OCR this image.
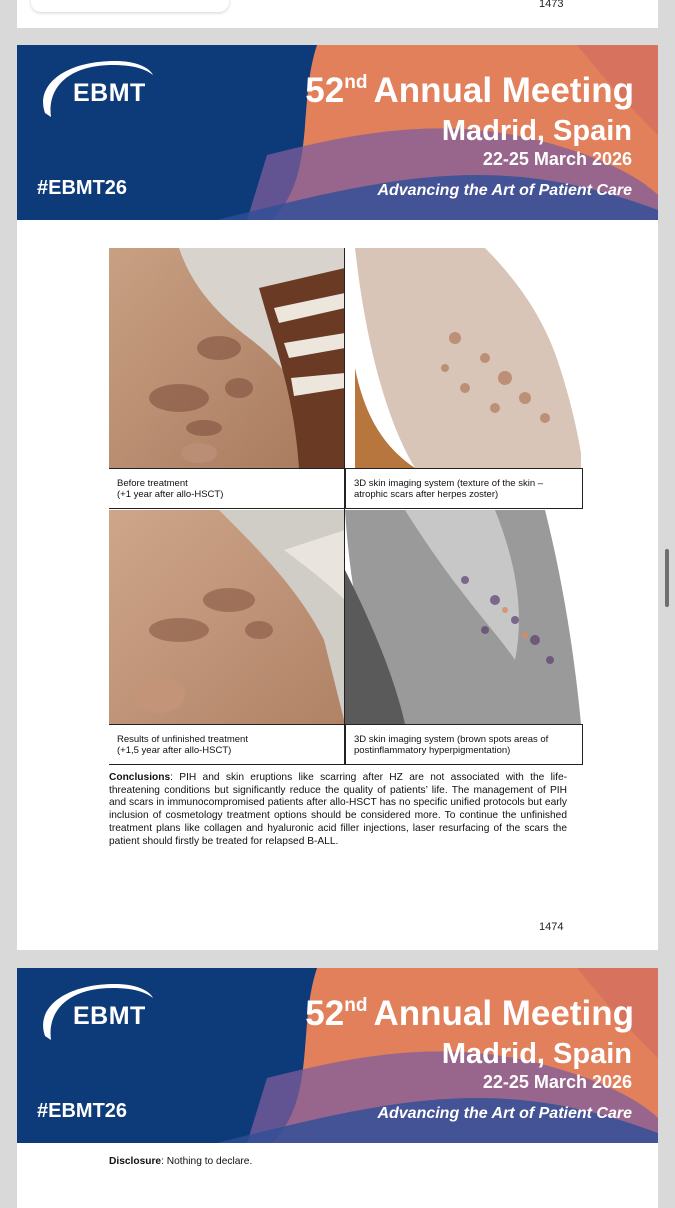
1473
EBMT
#EBMT26
52nd Annual Meeting
Madrid, Spain
22-25 March 2026
Advancing the Art of Patient Care
Before treatment
(+1 year after allo-HSCT)
3D skin imaging system (texture of the skin –
atrophic scars after herpes zoster)
Results of unfinished treatment
(+1,5 year after allo-HSCT)
3D skin imaging system (brown spots areas of
postinflammatory hyperpigmentation)

Conclusions: PIH and skin eruptions like scarring after HZ are not associated with the life-threatening conditions but significantly reduce the quality of patients’ life. The management of PIH and scars in immunocompromised patients after allo-HSCT has no specific unified protocols but early inclusion of cosmetology treatment options should be considered more. To continue the unfinished treatment plans like collagen and hyaluronic acid filler injections, laser resurfacing of the scars the patient should firstly be treated for relapsed B-ALL.

1474
EBMT
#EBMT26
52nd Annual Meeting
Madrid, Spain
22-25 March 2026
Advancing the Art of Patient Care

Disclosure: Nothing to declare.
